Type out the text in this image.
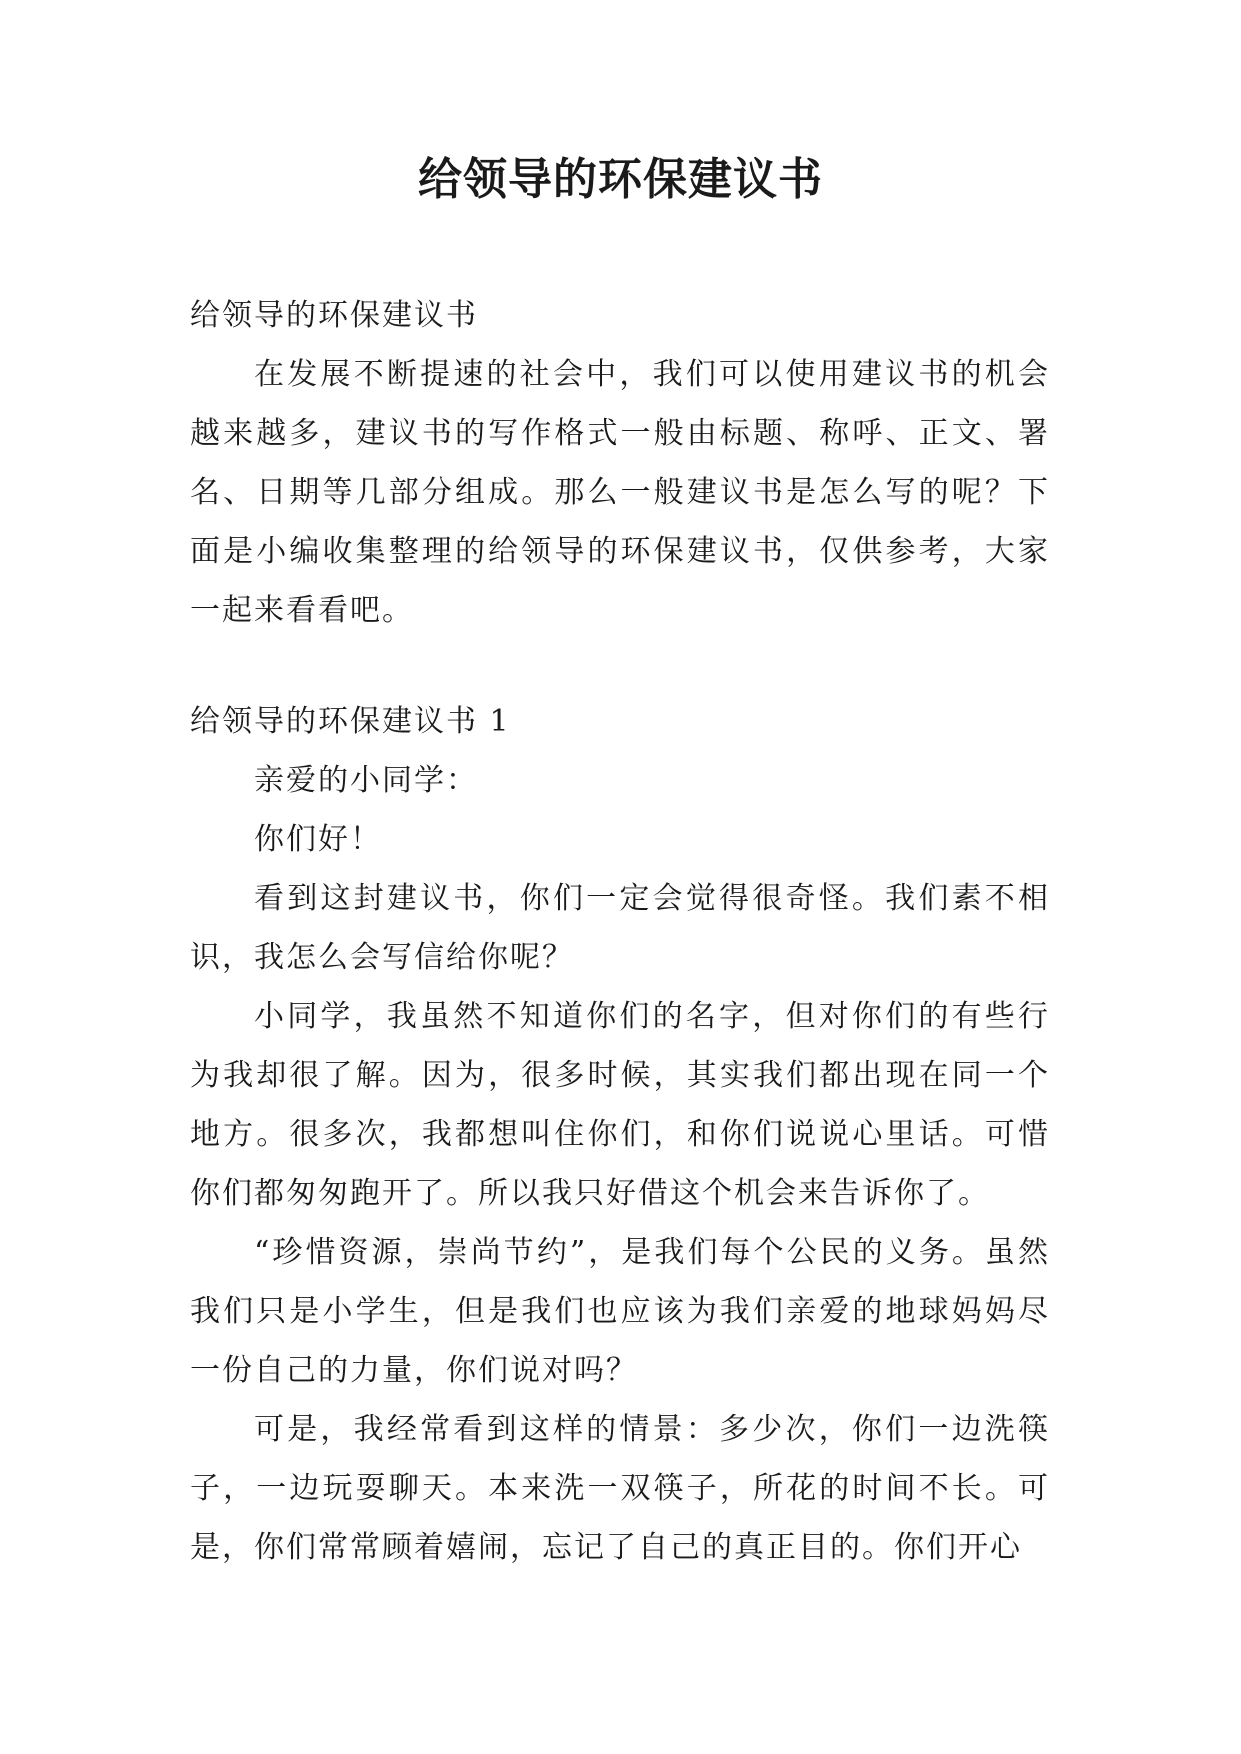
给领导的环保建议书

给领导的环保建议书

在发展不断提速的社会中，我们可以使用建议书的机会越来越多，建议书的写作格式一般由标题、称呼、正文、署名、日期等几部分组成。那么一般建议书是怎么写的呢？下面是小编收集整理的给领导的环保建议书，仅供参考，大家一起来看看吧。

给领导的环保建议书 1

亲爱的小同学：

你们好！

看到这封建议书，你们一定会觉得很奇怪。我们素不相识，我怎么会写信给你呢？

小同学，我虽然不知道你们的名字，但对你们的有些行为我却很了解。因为，很多时候，其实我们都出现在同一个地方。很多次，我都想叫住你们，和你们说说心里话。可惜你们都匆匆跑开了。所以我只好借这个机会来告诉你了。

“珍惜资源，崇尚节约”，是我们每个公民的义务。虽然我们只是小学生，但是我们也应该为我们亲爱的地球妈妈尽一份自己的力量，你们说对吗？

可是，我经常看到这样的情景：多少次，你们一边洗筷子，一边玩耍聊天。本来洗一双筷子，所花的时间不长。可是，你们常常顾着嬉闹，忘记了自己的真正目的。你们开心
